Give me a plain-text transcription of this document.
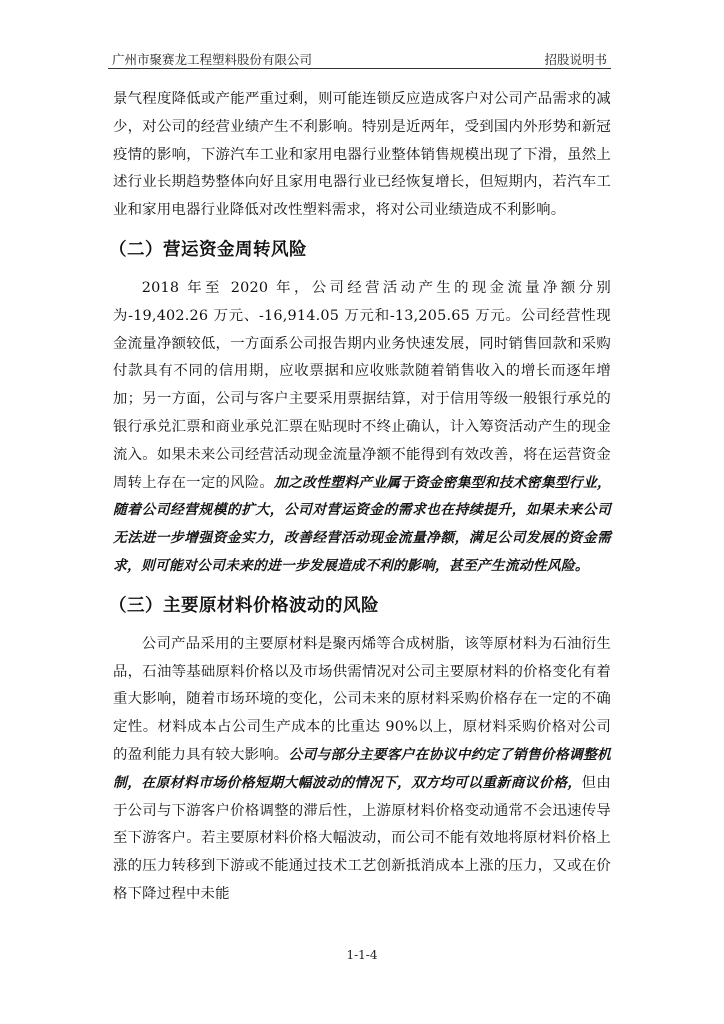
广州市聚赛龙工程塑料股份有限公司	招股说明书

景气程度降低或产能严重过剩，则可能连锁反应造成客户对公司产品需求的减少，对公司的经营业绩产生不利影响。特别是近两年，受到国内外形势和新冠疫情的影响，下游汽车工业和家用电器行业整体销售规模出现了下滑，虽然上述行业长期趋势整体向好且家用电器行业已经恢复增长，但短期内，若汽车工业和家用电器行业降低对改性塑料需求，将对公司业绩造成不利影响。

（二）营运资金周转风险

2018 年至 2020 年，公司经营活动产生的现金流量净额分别为-19,402.26 万元、-16,914.05 万元和-13,205.65 万元。公司经营性现金流量净额较低，一方面系公司报告期内业务快速发展，同时销售回款和采购付款具有不同的信用期，应收票据和应收账款随着销售收入的增长而逐年增加；另一方面，公司与客户主要采用票据结算，对于信用等级一般银行承兑的银行承兑汇票和商业承兑汇票在贴现时不终止确认，计入筹资活动产生的现金流入。如果未来公司经营活动现金流量净额不能得到有效改善，将在运营资金周转上存在一定的风险。加之改性塑料产业属于资金密集型和技术密集型行业，随着公司经营规模的扩大，公司对营运资金的需求也在持续提升，如果未来公司无法进一步增强资金实力，改善经营活动现金流量净额，满足公司发展的资金需求，则可能对公司未来的进一步发展造成不利的影响，甚至产生流动性风险。

（三）主要原材料价格波动的风险

公司产品采用的主要原材料是聚丙烯等合成树脂，该等原材料为石油衍生品，石油等基础原料价格以及市场供需情况对公司主要原材料的价格变化有着重大影响，随着市场环境的变化，公司未来的原材料采购价格存在一定的不确定性。材料成本占公司生产成本的比重达 90%以上，原材料采购价格对公司的盈利能力具有较大影响。公司与部分主要客户在协议中约定了销售价格调整机制，在原材料市场价格短期大幅波动的情况下，双方均可以重新商议价格，但由于公司与下游客户价格调整的滞后性，上游原材料价格变动通常不会迅速传导至下游客户。若主要原材料价格大幅波动，而公司不能有效地将原材料价格上涨的压力转移到下游或不能通过技术工艺创新抵消成本上涨的压力，又或在价格下降过程中未能

1-1-4
